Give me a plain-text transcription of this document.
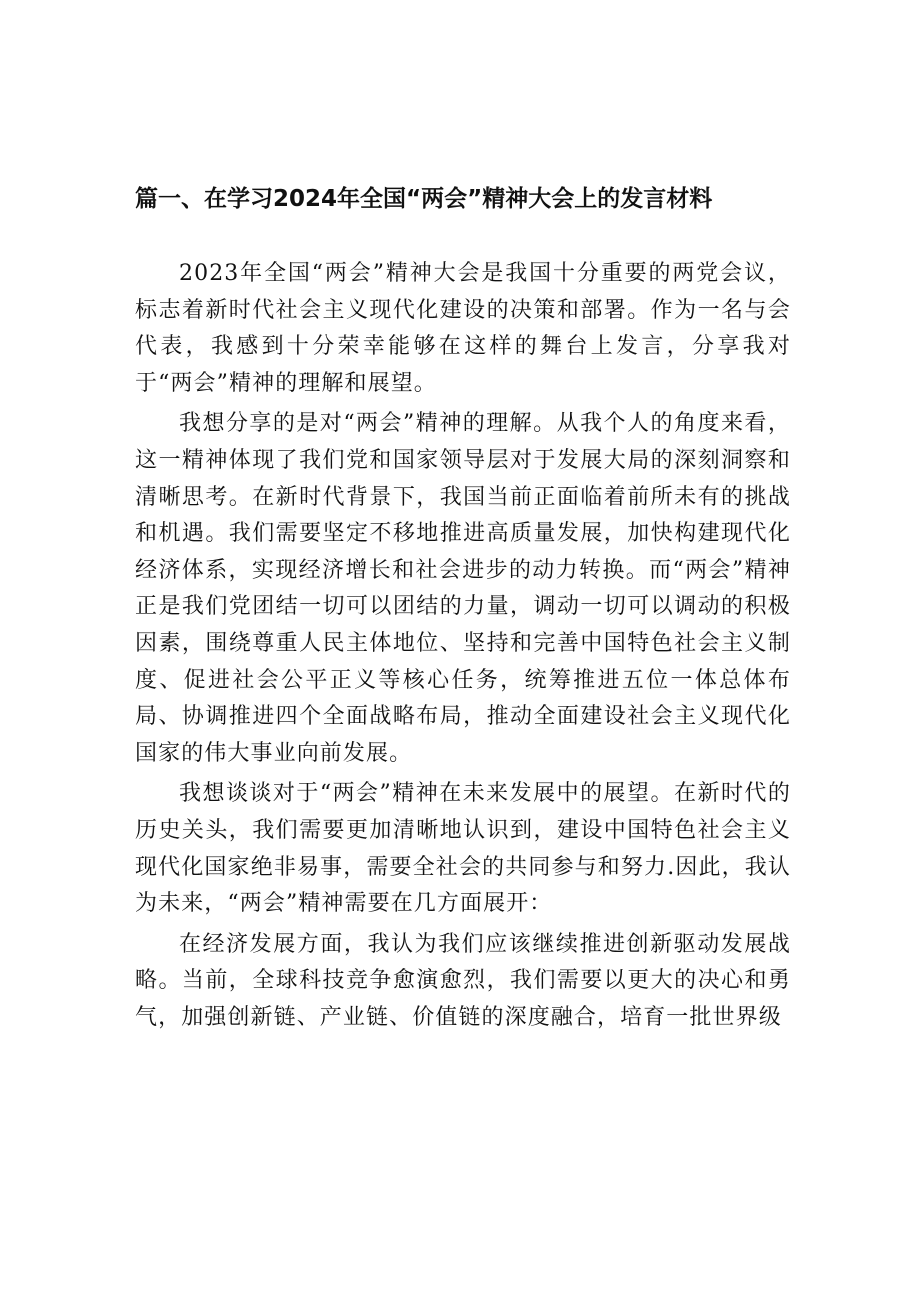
篇一、在学习2024年全国“两会”精神大会上的发言材料

2023年全国“两会”精神大会是我国十分重要的两党会议，标志着新时代社会主义现代化建设的决策和部署。作为一名与会代表，我感到十分荣幸能够在这样的舞台上发言，分享我对于“两会”精神的理解和展望。

我想分享的是对“两会”精神的理解。从我个人的角度来看，这一精神体现了我们党和国家领导层对于发展大局的深刻洞察和清晰思考。在新时代背景下，我国当前正面临着前所未有的挑战和机遇。我们需要坚定不移地推进高质量发展，加快构建现代化经济体系，实现经济增长和社会进步的动力转换。而“两会”精神正是我们党团结一切可以团结的力量，调动一切可以调动的积极因素，围绕尊重人民主体地位、坚持和完善中国特色社会主义制度、促进社会公平正义等核心任务，统筹推进五位一体总体布局、协调推进四个全面战略布局，推动全面建设社会主义现代化国家的伟大事业向前发展。

我想谈谈对于“两会”精神在未来发展中的展望。在新时代的历史关头，我们需要更加清晰地认识到，建设中国特色社会主义现代化国家绝非易事，需要全社会的共同参与和努力.因此，我认为未来，“两会”精神需要在几方面展开：

在经济发展方面，我认为我们应该继续推进创新驱动发展战略。当前，全球科技竞争愈演愈烈，我们需要以更大的决心和勇气，加强创新链、产业链、价值链的深度融合，培育一批世界级
